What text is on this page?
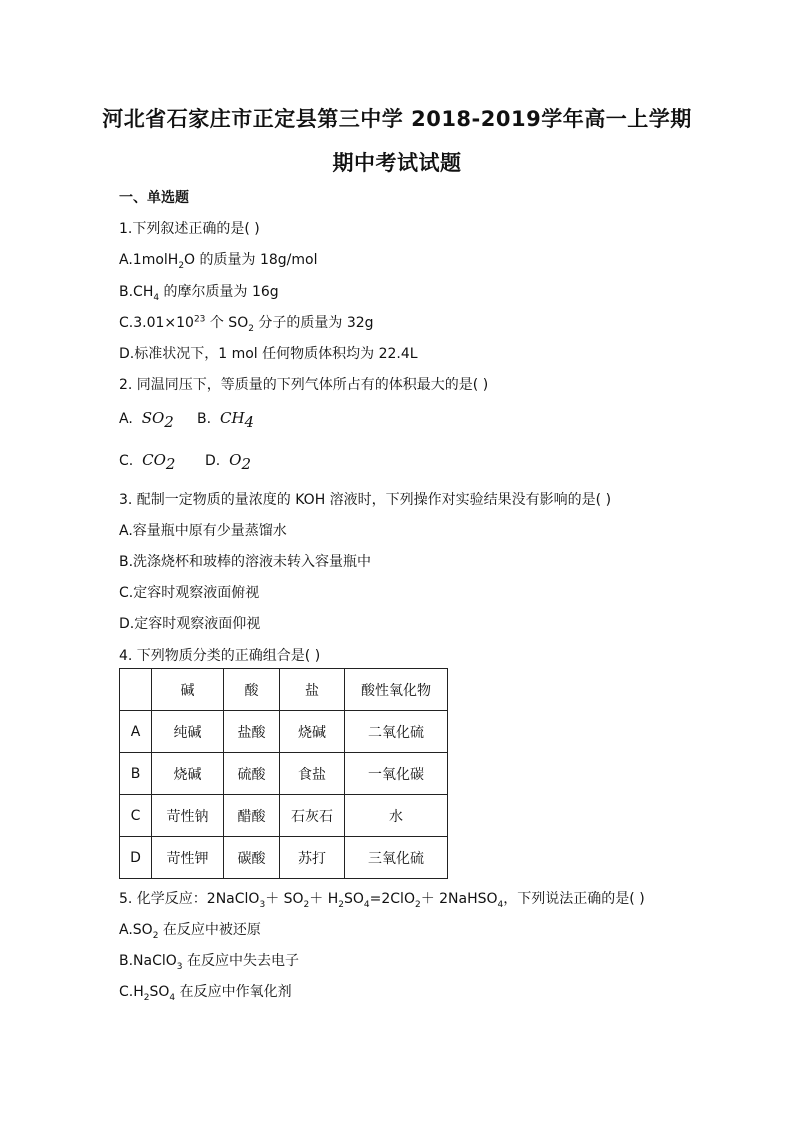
河北省石家庄市正定县第三中学 2018-2019学年高一上学期
期中考试试题
一、单选题
1.下列叙述正确的是( )
A.1molH$_2$O 的质量为 18g/mol
$B.CH_4$ 的摩尔质量为 16g
$C.3.01\times 10^{23}$ 个 $SO_2$ 分子的质量为 32g
D.标准状况下，1 mol 任何物质体积均为 22.4L
2. 同温同压下，等质量的下列气体所占有的体积最大的是( )
A. $SO_2$ B. $CH_4$
C. $CO_2$ D. $O_2$
3. 配制一定物质的量浓度的 KOH 溶液时，下列操作对实验结果没有影响的是( )
A.容量瓶中原有少量蒸馏水
B.洗涤烧杯和玻棒的溶液未转入容量瓶中
C.定容时观察液面俯视
D.定容时观察液面仰视
4. 下列物质分类的正确组合是( )
	碱	酸	盐	酸性氧化物
A	纯碱	盐酸	烧碱	二氧化硫
B	烧碱	硫酸	食盐	一氧化碳
C	苛性钠	醋酸	石灰石	水
D	苛性钾	碳酸	苏打	三氧化硫
5. 化学反应：2NaClO$_3$＋ $SO_2+ H_2SO_4=2ClO_2+$ 2NaHSO$_4$，下列说法正确的是( )
$A.SO_2$ 在反应中被还原
B.NaClO$_3$ 在反应中失去电子
$C.H_2SO_4$ 在反应中作氧化剂
